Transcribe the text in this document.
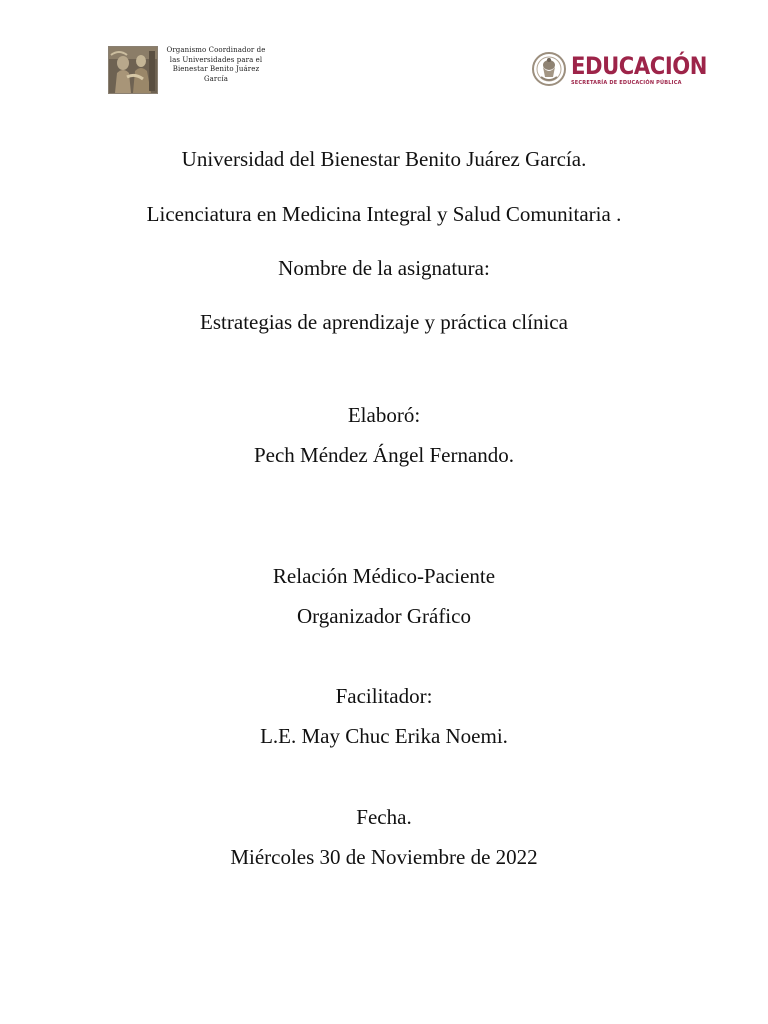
Organismo Coordinador de
las Universidades para el
Bienestar Benito Juárez
García	EDUCACIÓN
SECRETARÍA DE EDUCACIÓN PÚBLICA
Universidad del Bienestar Benito Juárez García.
Licenciatura en Medicina Integral y Salud Comunitaria .
Nombre de la asignatura:
Estrategias de aprendizaje y práctica clínica
Elaboró:
Pech Méndez Ángel Fernando.
Relación Médico-Paciente
Organizador Gráfico
Facilitador:
L.E. May Chuc Erika Noemi.
Fecha.
Miércoles 30 de Noviembre de 2022
